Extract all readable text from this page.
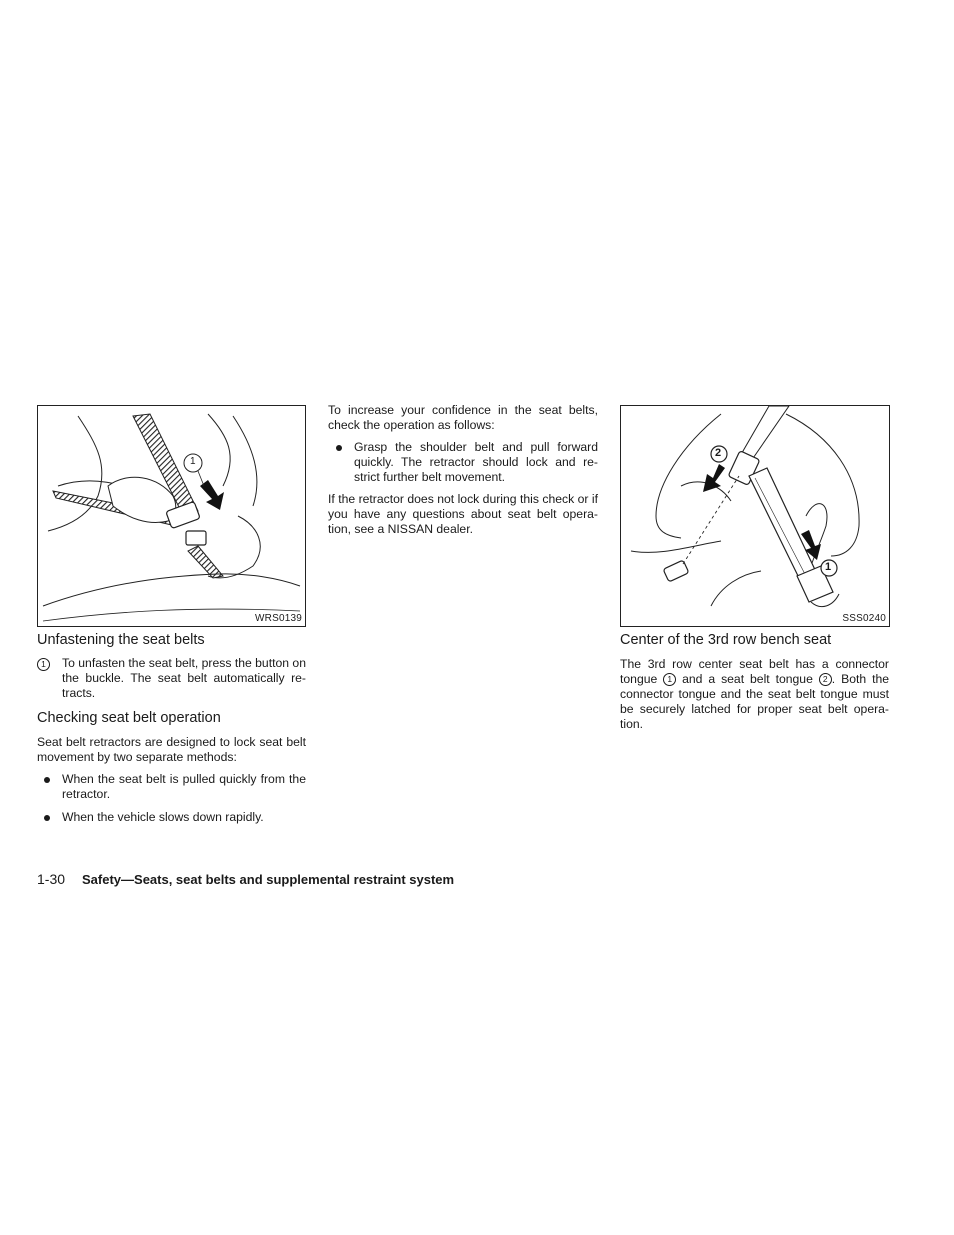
1
WRS0139
Unfastening the seat belts
1	To unfasten the seat belt, press the button on the buckle. The seat belt automatically re-tracts.
Checking seat belt operation

Seat belt retractors are designed to lock seat belt movement by two separate methods:

When the seat belt is pulled quickly from the retractor.
When the vehicle slows down rapidly.

To increase your confidence in the seat belts, check the operation as follows:

Grasp the shoulder belt and pull forward quickly. The retractor should lock and re-strict further belt movement.

If the retractor does not lock during this check or if you have any questions about seat belt opera-tion, see a NISSAN dealer.

2
1
SSS0240
Center of the 3rd row bench seat

The 3rd row center seat belt has a connector tongue 1 and a seat belt tongue 2 . Both the connector tongue and the seat belt tongue must be securely latched for proper seat belt opera-tion.

1-30 Safety—Seats, seat belts and supplemental restraint system
